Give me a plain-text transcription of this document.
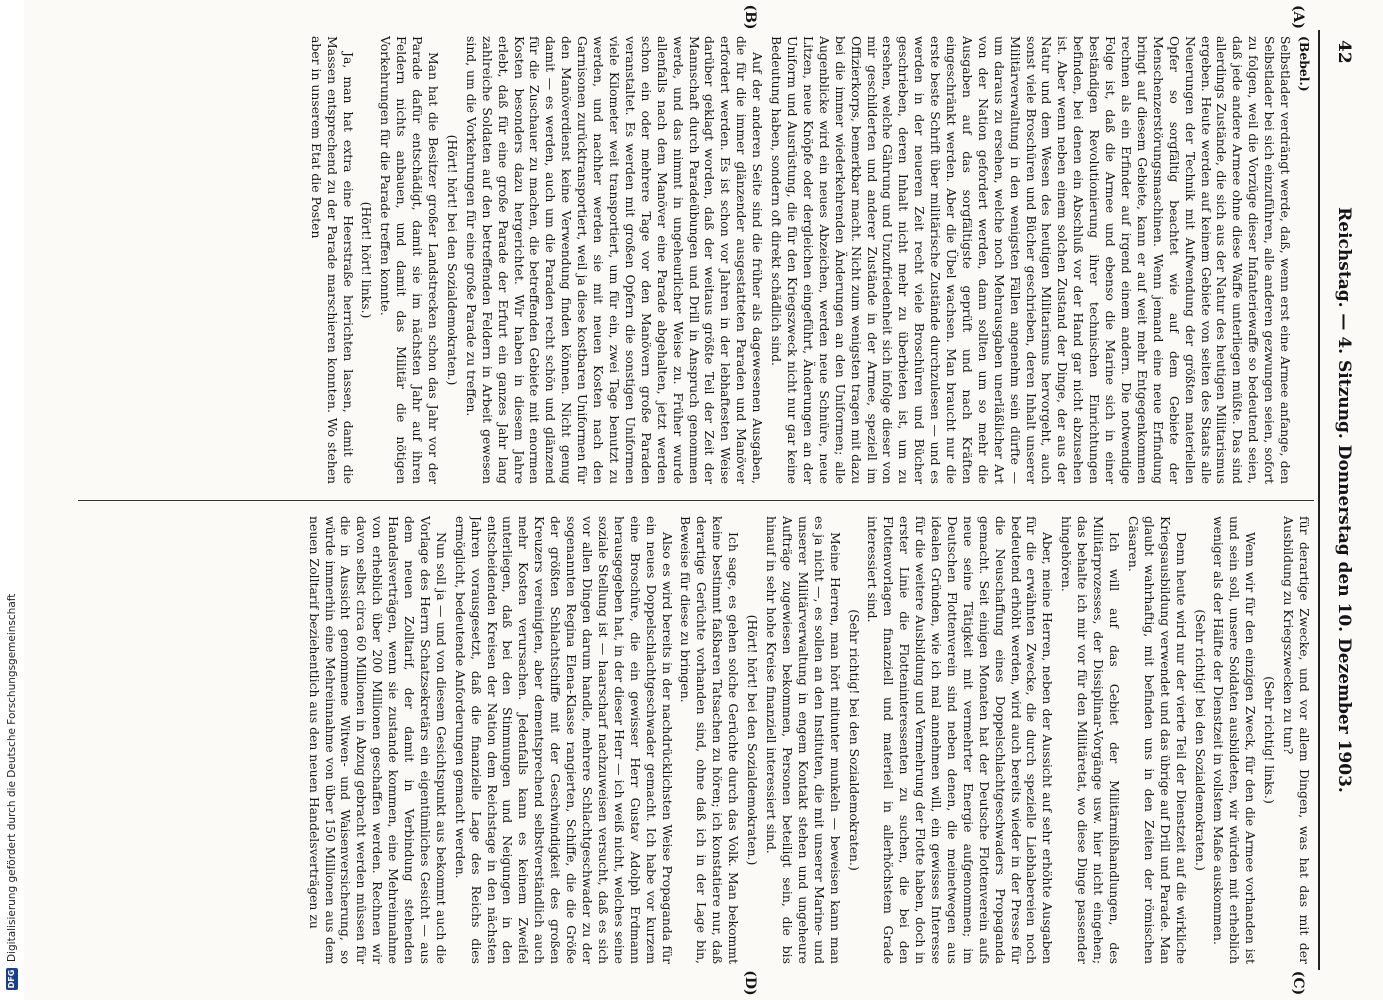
DFG
Digitalisierung gefördert durch die Deutsche Forschungsgemeinschaft
42
Reichstag. — 4. Sitzung. Donnerstag den 10. Dezember 1903.
(A)
(B)
(C)
(D)

(Bebel.)

Selbstlader verdrängt werde, daß, wenn erst eine Armee anfange, den Selbstlader bei sich einzuführen, alle anderen gezwungen seien, sofort zu folgen, weil die Vorzüge dieser Infanteriewaffe so bedeutend seien, daß jede andere Armee ohne diese Waffe unterliegen müßte. Das sind allerdings Zustände, die sich aus der Natur des heutigen Militarismus ergeben. Heute werden auf keinem Gebiete von seiten des Staats alle Neuerungen der Technik mit Aufwendung der größten materiellen Opfer so sorgfältig beachtet wie auf dem Gebiete der Menschenzerstörungsmaschinen. Wenn jemand eine neue Erfindung bringt auf diesem Gebiete, kann er auf weit mehr Entgegenkommen rechnen als ein Erfinder auf irgend einem andern. Die notwendige Folge ist, daß die Armee und ebenso die Marine sich in einer beständigen Revolutionierung ihrer technischen Einrichtungen befinden, bei denen ein Abschluß vor der Hand gar nicht abzusehen ist. Aber wenn neben einem solchen Zustand der Dinge, der aus der Natur und dem Wesen des heutigen Militarismus hervorgeht, auch sonst viele Broschüren und Bücher geschrieben, deren Inhalt unserer Militärverwaltung in den wenigsten Fällen angenehm sein dürfte — um daraus zu ersehen, welche noch Mehrausgaben unerläßlicher Art von der Nation gefordert werden, dann sollten um so mehr die Ausgaben auf das sorgfältigste geprüft und nach Kräften eingeschränkt werden. Aber die Übel wachsen. Man braucht nur die erste beste Schrift über militärische Zustände durchzulesen — und es werden in der neueren Zeit recht viele Broschüren und Bücher geschrieben, deren Inhalt nicht mehr zu überbieten ist, um zu ersehen, welche Gährung und Unzufriedenheit sich infolge dieser von mir geschilderten und anderer Zustände in der Armee, speziell im Offizierkorps, bemerkbar macht. Nicht zum wenigsten tragen mit dazu bei die immer wiederkehrenden Änderungen an den Uniformen; alle Augenblicke wird ein neues Abzeichen, werden neue Schnüre, neue Litzen, neue Knöpfe oder dergleichen eingeführt, Änderungen an der Uniform und Ausrüstung, die für den Kriegszweck nicht nur gar keine Bedeutung haben, sondern oft direkt schädlich sind.

Auf der anderen Seite sind die früher als dagewesenen Ausgaben, die für die immer glänzender ausgestatteten Paraden und Manöver erfordert werden. Es ist schon vor Jahren in der lebhaftesten Weise darüber geklagt worden, daß der weitaus größte Teil der Zeit der Mannschaft durch Paradeübungen und Drill in Anspruch genommen werde, und das nimmt in ungeheurlicher Weise zu. Früher wurde allenfalls nach dem Manöver eine Parade abgehalten, jetzt werden schon ein oder mehrere Tage vor den Manövern große Paraden veranstaltet. Es werden mit großen Opfern die sonstigen Uniformen viele Kilometer weit transportiert, um für ein, zwei Tage benutzt zu werden, und nachher werden sie mit neuen Kosten nach den Garnisonen zurücktransportiert, weil ja diese kostbaren Uniformen für den Manöverdienst keine Verwendung finden können. Nicht genug damit — es werden, auch um die Paraden recht schön und glänzend für die Zuschauer zu machen, die betreffenden Gebiete mit enormen Kosten besonders dazu hergerichtet. Wir haben in diesem Jahre erlebt, daß für eine große Parade der Erfurt ein ganzes Jahr lang zahlreiche Soldaten auf den betreffenden Feldern in Arbeit gewesen sind, um die Vorkehrungen für eine große Parade zu treffen.

(Hört! hört! bei den Sozialdemokraten.)

Man hat die Besitzer großer Landstrecken schon das Jahr vor der Parade dafür entschädigt, damit sie im nächsten Jahr auf ihren Feldern nichts anbauen, und damit das Militär die nötigen Vorkehrungen für die Parade treffen konnte.

(Hört! hört! links.)

Ja, man hat extra eine Heerstraße herrichten lassen, damit die Massen entsprechend zu der Parade marschieren konnten. Wo stehen aber in unserem Etat die Posten

für derartige Zwecke, und vor allem Dingen, was hat das mit der Ausbildung zu Kriegszwecken zu tun?

(Sehr richtig! links.)

Wenn wir für den einzigen Zweck, für den die Armee vorhanden ist und sein soll, unsere Soldaten ausbildeten, wir würden mit erheblich weniger als der Hälfte der Dienstzeit in vollstem Maße auskommen.

(Sehr richtig! bei den Sozialdemokraten.)

Denn heute wird nur der vierte Teil der Dienstzeit auf die wirkliche Kriegsausbildung verwendet und das übrige auf Drill und Parade. Man glaubt wahrhaftig, mit befinden uns in den Zeiten der römischen Cäsaren.

Ich will auf das Gebiet der Militärmißhandlungen, des Militärprozesses, der Dissiplinar-Vorgänge usw. hier nicht eingehen; das behalte ich mir vor für den Militäretat, wo diese Dinge passender hingehören.

Aber, meine Herren, neben der Aussicht auf sehr erhöhte Ausgaben für die erwähnten Zwecke, die durch spezielle Liebhabereien noch bedeutend erhöht werden, wird auch bereits wieder in der Presse für die Neuschaffung eines Doppelschlachtgeschwaders Propaganda gemacht. Seit einigen Monaten hat der Deutsche Flottenverein aufs neue seine Tätigkeit mit vermehrter Energie aufgenommen; im Deutschen Flottenverein sind neben denen, die meinetwegen aus idealen Gründen, wie ich mal annehmen will, ein gewisses Interesse für die weitere Ausbildung und Vermehrung der Flotte haben, doch in erster Linie die Flotteninteressenten zu suchen, die bei den Flottenvorlagen finanziell und materiell in allerhöchstem Grade interessiert sind.

(Sehr richtig! bei den Sozialdemokraten.)

Meine Herren, man hört mitunter munkeln — beweisen kann man es ja nicht —, es sollen an den Instituten, die mit unserer Marine- und unserer Militärverwaltung in engem Kontakt stehen und ungeheure Aufträge zugewiesen bekommen, Personen beteiligt sein, die bis hinauf in sehr hohe Kreise finanziell interessiert sind.

(Hört! hört! bei den Sozialdemokraten.)

Ich sage, es gehen solche Gerüchte durch das Volk. Man bekommt keine bestimmt faßbaren Tatsachen zu hören; ich konstatiere nur, daß derartige Gerüchte vorhanden sind, ohne daß ich in der Lage bin, Beweise für diese zu bringen.

Also es wird bereits in der nachdrücklichsten Weise Propaganda für ein neues Doppelschlachtgeschwader gemacht. Ich habe vor kurzem eine Broschüre, die ein gewisser Herr Gustav Adolph Erdmann herausgegeben hat, in der dieser Herr — ich weiß nicht, welches seine soziale Stellung ist — haarscharf nachzuweisen versucht, daß es sich vor allen Dingen darum handle, mehrere Schlachtgeschwader zu der sogenannten Regina Elena-Klasse rangierten, Schiffe, die die Größe der größten Schlachtschiffe mit der Geschwindigkeit des großen Kreuzers vereinigten, aber dementsprechend selbstverständlich auch mehr Kosten verursachen. Jedenfalls kann es keinem Zweifel unterliegen, daß bei den Stimmungen und Neigungen in den entscheidenden Kreisen der Nation dem Reichstage in den nächsten Jahren vorausgesetzt, daß die finanzielle Lage des Reichs dies ermöglicht, bedeutende Anforderungen gemacht werden.

Nun soll ja — und von diesem Gesichtspunkt aus bekommt auch die Vorlage des Herrn Schatzsekretärs ein eigentümliches Gesicht — aus dem neuen Zolltarif, der damit in Verbindung stehenden Handelsverträgen, wenn sie zustande kommen, eine Mehreinnahme von erheblich über 200 Millionen geschaffen werden. Rechnen wir davon selbst circa 60 Millionen in Abzug gebracht werden müssen für die in Aussicht genommene Witwen- und Waisenversicherung, so würde immerhin eine Mehreinnahme von über 150 Millionen aus dem neuen Zolltarif beziehentlich aus den neuen Handelsverträgen zu
